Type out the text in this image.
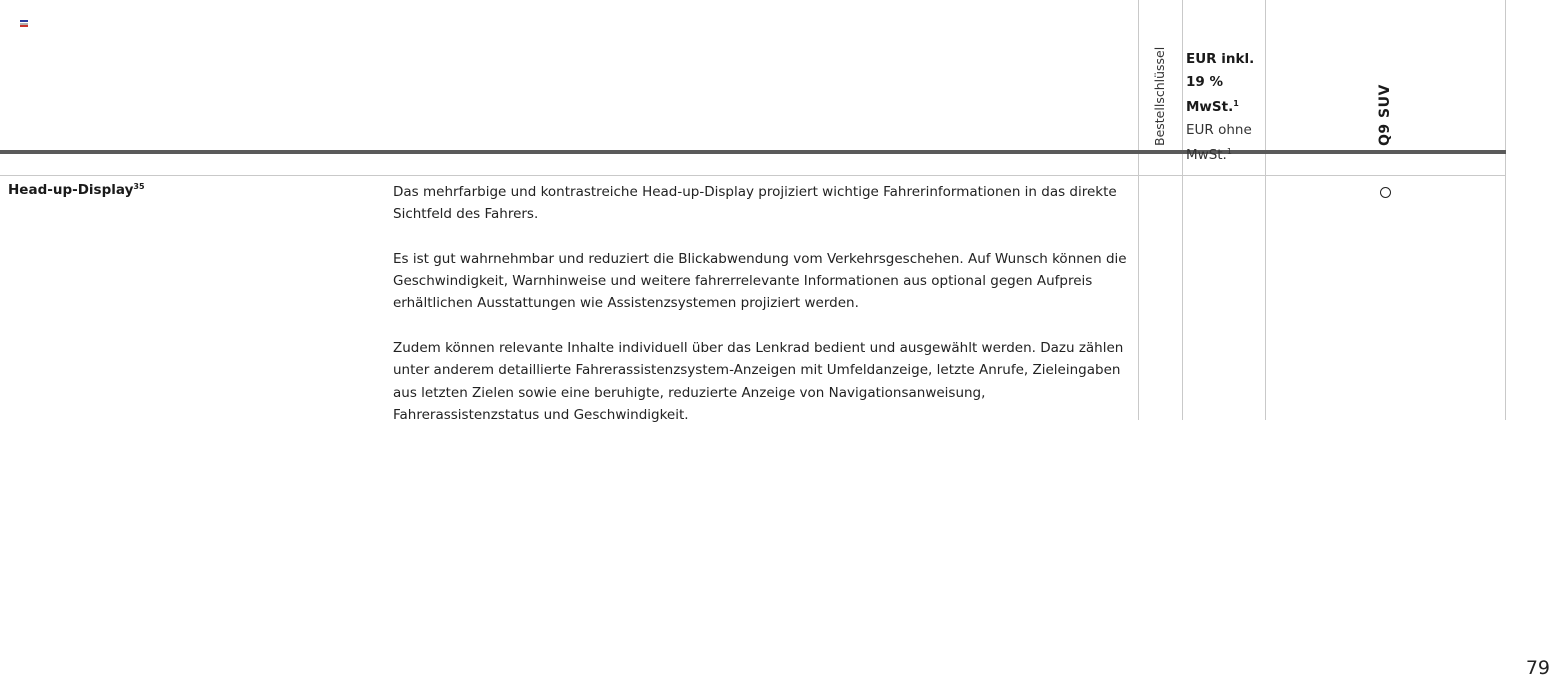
Bestellschlüssel EUR inkl. 19 % MwSt.$^1$
EUR ohne MwSt.$^1$
Q9 SUV
Head-up-Display$^{35}$	Das mehrfarbige und kontrastreiche Head-up-Display projiziert wichtige Fahrerinformationen in das direkte Sichtfeld des Fahrers.

Es ist gut wahrnehmbar und reduziert die Blickabwendung vom Verkehrsgeschehen. Auf Wunsch können die Geschwindigkeit, Warnhinweise und weitere fahrerrelevante Informationen aus optional gegen Aufpreis erhältlichen Ausstattungen wie Assistenzsystemen projiziert werden.

Zudem können relevante Inhalte individuell über das Lenkrad bedient und ausgewählt werden. Dazu zählen unter anderem detaillierte Fahrerassistenzsystem-Anzeigen mit Umfeldanzeige, letzte Anrufe, Zieleingaben aus letzten Zielen sowie eine beruhigte, reduzierte Anzeige von Navigationsanweisung, Fahrerassistenzstatus und Geschwindigkeit.

79
